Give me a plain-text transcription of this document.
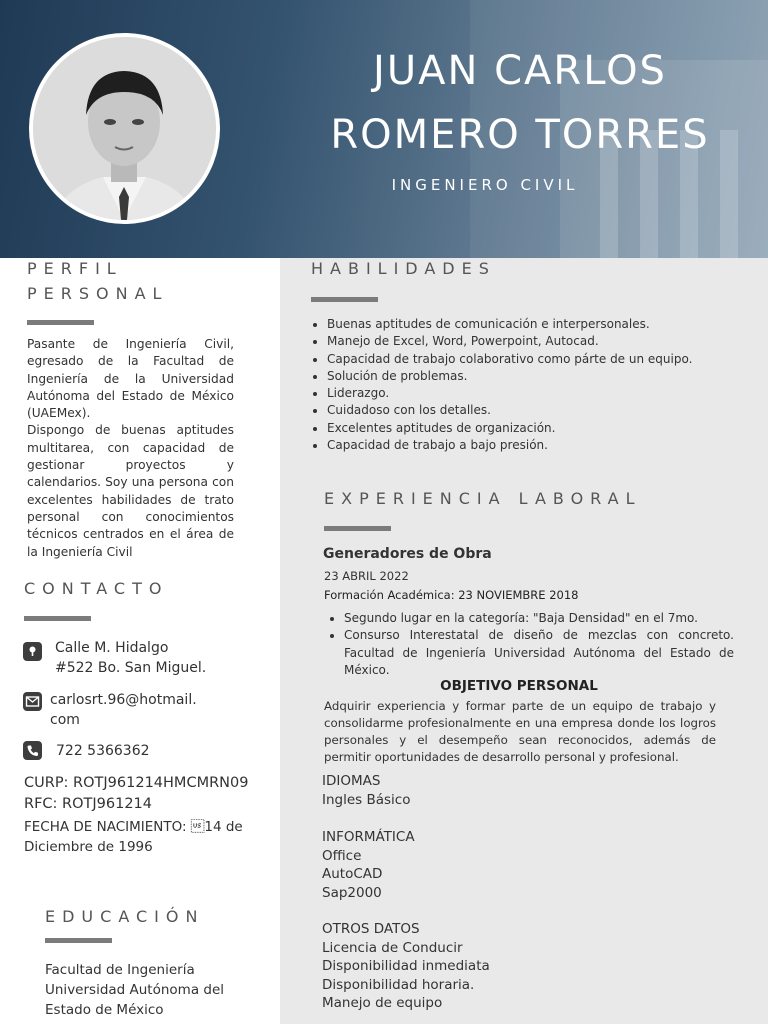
JUAN CARLOS
ROMERO TORRES
INGENIERO CIVIL
PERFIL
PERSONAL
Pasante de Ingeniería Civil, egresado de la Facultad de Ingeniería de la Universidad Autónoma del Estado de México (UAEMex).
Dispongo de buenas aptitudes multitarea, con capacidad de gestionar proyectos y calendarios. Soy una persona con excelentes habilidades de trato personal con conocimientos técnicos centrados en el área de la Ingeniería Civil
CONTACTO
Calle M. Hidalgo
#522 Bo. San Miguel.
carlosrt.96@hotmail.
com
722 5366362
CURP: ROTJ961214HMCMRN09
RFC: ROTJ961214
FECHA DE NACIMIENTO: 14 de Diciembre de 1996
EDUCACIÓN
Facultad de Ingeniería
Universidad Autónoma del
Estado de México
HABILIDADES
• Buenas aptitudes de comunicación e interpersonales.
• Manejo de Excel, Word, Powerpoint, Autocad.
• Capacidad de trabajo colaborativo como párte de un equipo.
• Solución de problemas.
• Liderazgo.
• Cuidadoso con los detalles.
• Excelentes aptitudes de organización.
• Capacidad de trabajo a bajo presión.
EXPERIENCIA LABORAL
Generadores de Obra
23 ABRIL 2022
Formación Académica: 23 NOVIEMBRE 2018
• Segundo lugar en la categoría: "Baja Densidad" en el 7mo.
• Consurso Interestatal de diseño de mezclas con concreto. Facultad de Ingeniería Universidad Autónoma del Estado de México.
OBJETIVO PERSONAL
Adquirir experiencia y formar parte de un equipo de trabajo y consolidarme profesionalmente en una empresa donde los logros personales y el desempeño sean reconocidos, además de permitir oportunidades de desarrollo personal y profesional.
IDIOMAS
Ingles Básico
INFORMÁTICA
Office
AutoCAD
Sap2000
OTROS DATOS
Licencia de Conducir
Disponibilidad inmediata
Disponibilidad horaria.
Manejo de equipo
